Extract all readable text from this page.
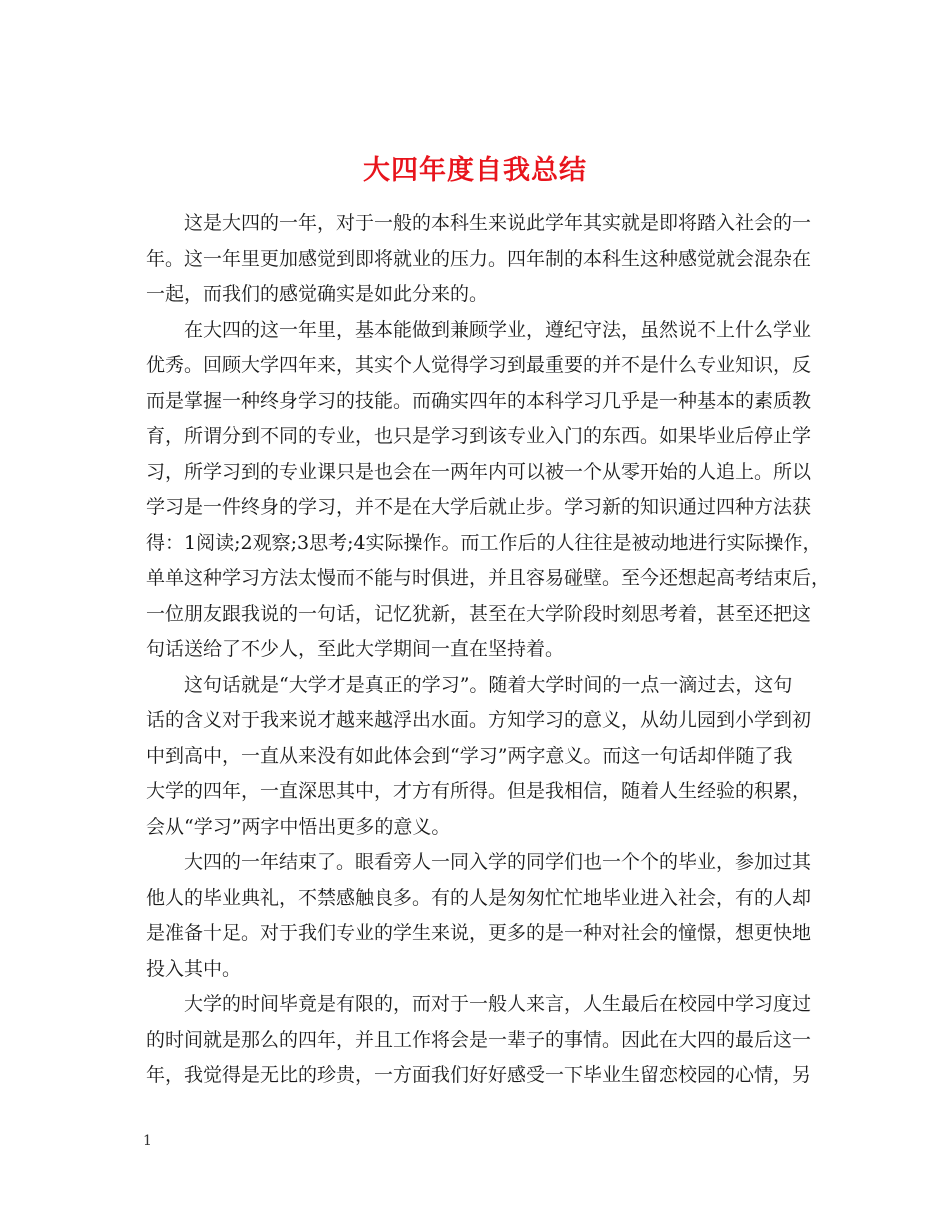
大四年度自我总结

这是大四的一年，对于一般的本科生来说此学年其实就是即将踏入社会的一
年。这一年里更加感觉到即将就业的压力。四年制的本科生这种感觉就会混杂在
一起，而我们的感觉确实是如此分来的。

在大四的这一年里，基本能做到兼顾学业，遵纪守法，虽然说不上什么学业
优秀。回顾大学四年来，其实个人觉得学习到最重要的并不是什么专业知识，反
而是掌握一种终身学习的技能。而确实四年的本科学习几乎是一种基本的素质教
育，所谓分到不同的专业，也只是学习到该专业入门的东西。如果毕业后停止学
习，所学习到的专业课只是也会在一两年内可以被一个从零开始的人追上。所以
学习是一件终身的学习，并不是在大学后就止步。学习新的知识通过四种方法获
得：1阅读;2观察;3思考;4实际操作。而工作后的人往往是被动地进行实际操作，
单单这种学习方法太慢而不能与时俱进，并且容易碰壁。至今还想起高考结束后，
一位朋友跟我说的一句话，记忆犹新，甚至在大学阶段时刻思考着，甚至还把这
句话送给了不少人，至此大学期间一直在坚持着。

这句话就是“大学才是真正的学习”。随着大学时间的一点一滴过去，这句
话的含义对于我来说才越来越浮出水面。方知学习的意义，从幼儿园到小学到初
中到高中，一直从来没有如此体会到“学习”两字意义。而这一句话却伴随了我
大学的四年，一直深思其中，才方有所得。但是我相信，随着人生经验的积累，
会从“学习”两字中悟出更多的意义。

大四的一年结束了。眼看旁人一同入学的同学们也一个个的毕业，参加过其
他人的毕业典礼，不禁感触良多。有的人是匆匆忙忙地毕业进入社会，有的人却
是准备十足。对于我们专业的学生来说，更多的是一种对社会的憧憬，想更快地
投入其中。

大学的时间毕竟是有限的，而对于一般人来言，人生最后在校园中学习度过
的时间就是那么的四年，并且工作将会是一辈子的事情。因此在大四的最后这一
年，我觉得是无比的珍贵，一方面我们好好感受一下毕业生留恋校园的心情，另

1
